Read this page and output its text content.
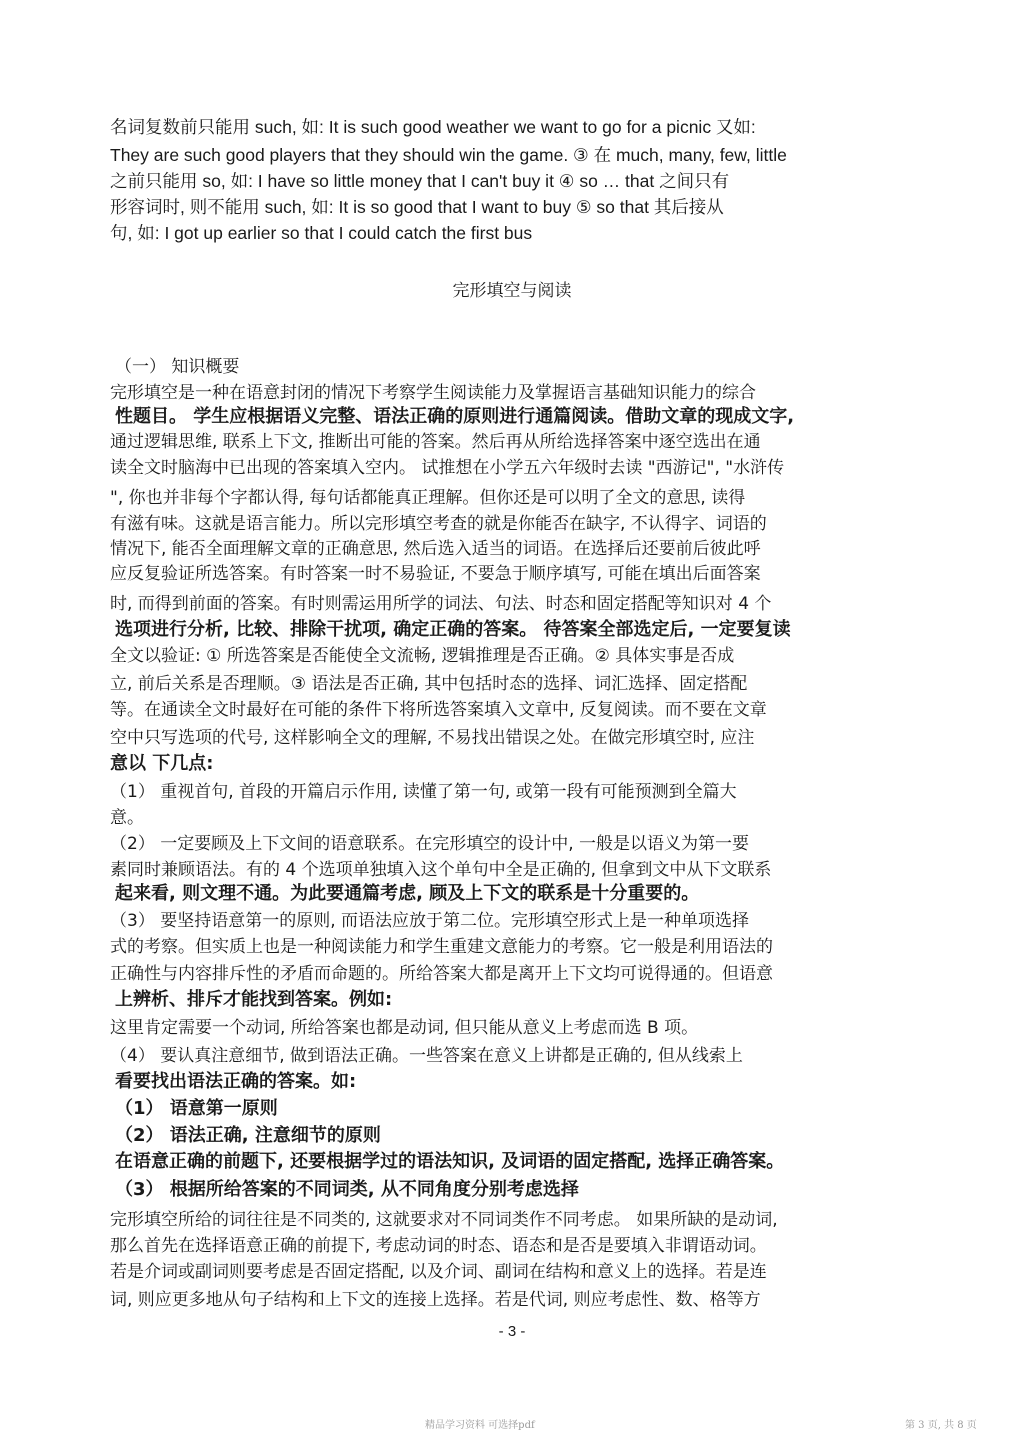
名词复数前只能用 such, 如: It is such good weather we want to go for a picnic 又如:
They are such good players that they should win the game. ③ 在 much, many, few, little
之前只能用 so, 如: I have so little money that I can't buy it ④ so … that 之间只有
形容词时, 则不能用 such, 如: It is so good that I want to buy ⑤ so that 其后接从
句, 如: I got up earlier so that I could catch the first bus
完形填空与阅读
（一） 知识概要
完形填空是一种在语意封闭的情况下考察学生阅读能力及掌握语言基础知识能力的综合
性题目。 学生应根据语义完整、语法正确的原则进行通篇阅读。借助文章的现成文字,
通过逻辑思维, 联系上下文, 推断出可能的答案。然后再从所给选择答案中逐空选出在通
读全文时脑海中已出现的答案填入空内。 试推想在小学五六年级时去读 "西游记", "水浒传
", 你也并非每个字都认得, 每句话都能真正理解。但你还是可以明了全文的意思, 读得
有滋有味。这就是语言能力。所以完形填空考查的就是你能否在缺字, 不认得字、词语的
情况下, 能否全面理解文章的正确意思, 然后选入适当的词语。在选择后还要前后彼此呼
应反复验证所选答案。有时答案一时不易验证, 不要急于顺序填写, 可能在填出后面答案
时, 而得到前面的答案。有时则需运用所学的词法、句法、时态和固定搭配等知识对 4 个
选项进行分析, 比较、排除干扰项, 确定正确的答案。 待答案全部选定后, 一定要复读
全文以验证: ① 所选答案是否能使全文流畅, 逻辑推理是否正确。② 具体实事是否成
立, 前后关系是否理顺。③ 语法是否正确, 其中包括时态的选择、词汇选择、固定搭配
等。在通读全文时最好在可能的条件下将所选答案填入文章中, 反复阅读。而不要在文章
空中只写选项的代号, 这样影响全文的理解, 不易找出错误之处。在做完形填空时, 应注
意以 下几点:
（1） 重视首句, 首段的开篇启示作用, 读懂了第一句, 或第一段有可能预测到全篇大
意。
（2） 一定要顾及上下文间的语意联系。在完形填空的设计中, 一般是以语义为第一要
素同时兼顾语法。有的 4 个选项单独填入这个单句中全是正确的, 但拿到文中从下文联系
起来看, 则文理不通。为此要通篇考虑, 顾及上下文的联系是十分重要的。
（3） 要坚持语意第一的原则, 而语法应放于第二位。完形填空形式上是一种单项选择
式的考察。但实质上也是一种阅读能力和学生重建文意能力的考察。它一般是利用语法的
正确性与内容排斥性的矛盾而命题的。所给答案大都是离开上下文均可说得通的。但语意
上辨析、排斥才能找到答案。例如:
这里肯定需要一个动词, 所给答案也都是动词, 但只能从意义上考虑而选 B 项。
（4） 要认真注意细节, 做到语法正确。一些答案在意义上讲都是正确的, 但从线索上
看要找出语法正确的答案。如:
（1） 语意第一原则
（2） 语法正确, 注意细节的原则
在语意正确的前题下, 还要根据学过的语法知识, 及词语的固定搭配, 选择正确答案。
（3） 根据所给答案的不同词类, 从不同角度分别考虑选择
完形填空所给的词往往是不同类的, 这就要求对不同词类作不同考虑。 如果所缺的是动词,
那么首先在选择语意正确的前提下, 考虑动词的时态、语态和是否是要填入非谓语动词。
若是介词或副词则要考虑是否固定搭配, 以及介词、副词在结构和意义上的选择。若是连
词, 则应更多地从句子结构和上下文的连接上选择。若是代词, 则应考虑性、数、格等方
- 3 -
精品学习资料 可选择pdf	第 3 页, 共 8 页
